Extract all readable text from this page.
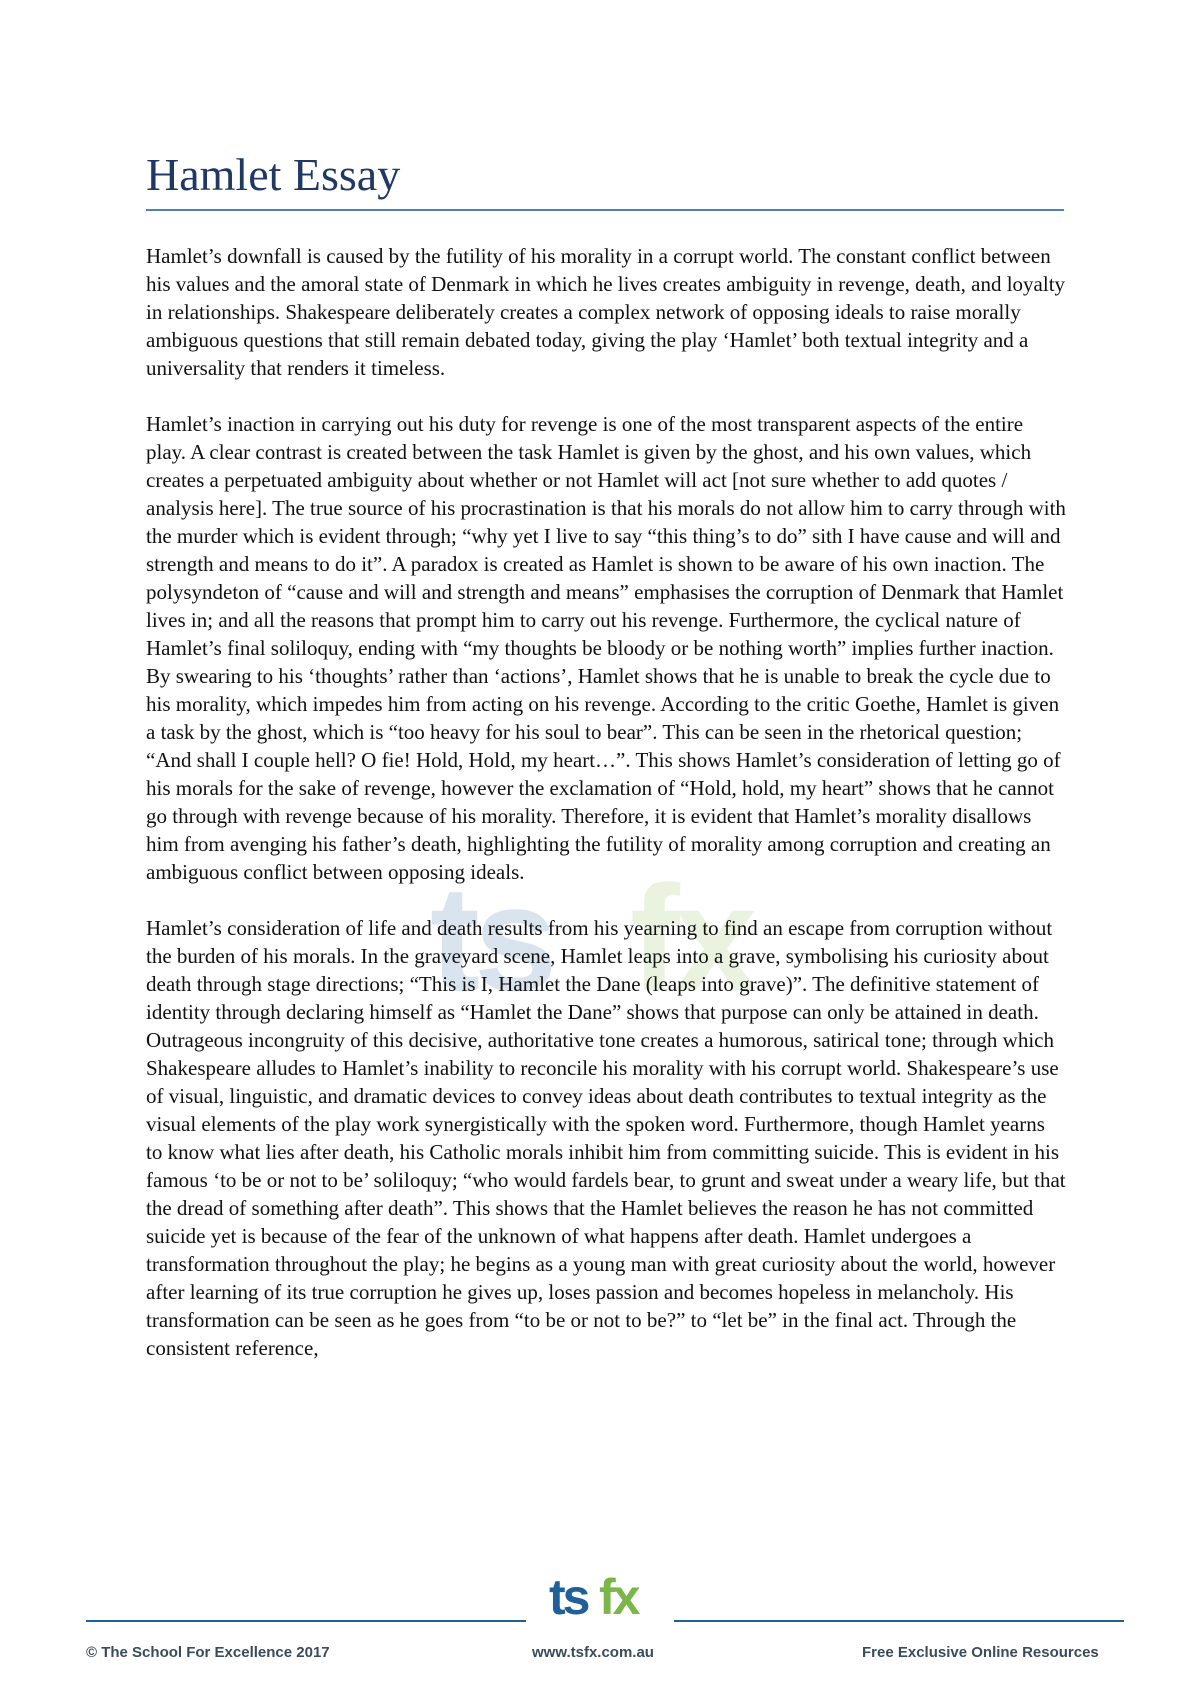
Hamlet Essay
ts fx

Hamlet’s downfall is caused by the futility of his morality in a corrupt world. The constant conflict between his values and the amoral state of Denmark in which he lives creates ambiguity in revenge, death, and loyalty in relationships. Shakespeare deliberately creates a complex network of opposing ideals to raise morally ambiguous questions that still remain debated today, giving the play ‘Hamlet’ both textual integrity and a universality that renders it timeless.

Hamlet’s inaction in carrying out his duty for revenge is one of the most transparent aspects of the entire play. A clear contrast is created between the task Hamlet is given by the ghost, and his own values, which creates a perpetuated ambiguity about whether or not Hamlet will act [not sure whether to add quotes / analysis here]. The true source of his procrastination is that his morals do not allow him to carry through with the murder which is evident through; “why yet I live to say “this thing’s to do” sith I have cause and will and strength and means to do it”. A paradox is created as Hamlet is shown to be aware of his own inaction. The polysyndeton of “cause and will and strength and means” emphasises the corruption of Denmark that Hamlet lives in; and all the reasons that prompt him to carry out his revenge. Furthermore, the cyclical nature of Hamlet’s final soliloquy, ending with “my thoughts be bloody or be nothing worth” implies further inaction. By swearing to his ‘thoughts’ rather than ‘actions’, Hamlet shows that he is unable to break the cycle due to his morality, which impedes him from acting on his revenge. According to the critic Goethe, Hamlet is given a task by the ghost, which is “too heavy for his soul to bear”. This can be seen in the rhetorical question; “And shall I couple hell? O fie! Hold, Hold, my heart…”. This shows Hamlet’s consideration of letting go of his morals for the sake of revenge, however the exclamation of “Hold, hold, my heart” shows that he cannot go through with revenge because of his morality. Therefore, it is evident that Hamlet’s morality disallows him from avenging his father’s death, highlighting the futility of morality among corruption and creating an ambiguous conflict between opposing ideals.

Hamlet’s consideration of life and death results from his yearning to find an escape from corruption without the burden of his morals. In the graveyard scene, Hamlet leaps into a grave, symbolising his curiosity about death through stage directions; “This is I, Hamlet the Dane (leaps into grave)”. The definitive statement of identity through declaring himself as “Hamlet the Dane” shows that purpose can only be attained in death. Outrageous incongruity of this decisive, authoritative tone creates a humorous, satirical tone; through which Shakespeare alludes to Hamlet’s inability to reconcile his morality with his corrupt world. Shakespeare’s use of visual, linguistic, and dramatic devices to convey ideas about death contributes to textual integrity as the visual elements of the play work synergistically with the spoken word. Furthermore, though Hamlet yearns to know what lies after death, his Catholic morals inhibit him from committing suicide. This is evident in his famous ‘to be or not to be’ soliloquy; “who would fardels bear, to grunt and sweat under a weary life, but that the dread of something after death”. This shows that the Hamlet believes the reason he has not committed suicide yet is because of the fear of the unknown of what happens after death. Hamlet undergoes a transformation throughout the play; he begins as a young man with great curiosity about the world, however after learning of its true corruption he gives up, loses passion and becomes hopeless in melancholy. His transformation can be seen as he goes from “to be or not to be?” to “let be” in the final act. Through the consistent reference,

ts fx
© The School For Excellence 2017	www.tsfx.com.au	Free Exclusive Online Resources
